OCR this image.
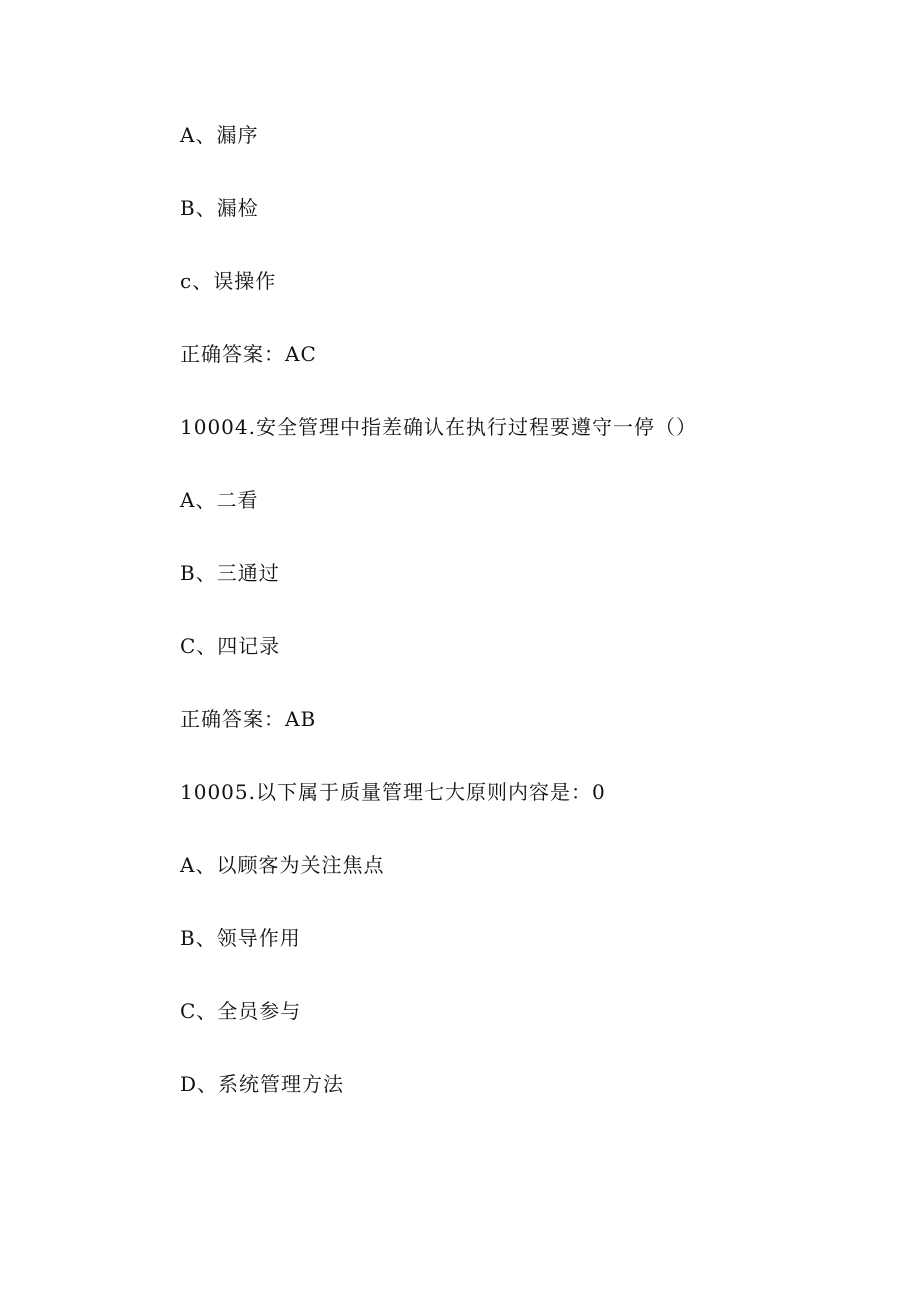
A、漏序
B、漏检
c、误操作
正确答案：AC
10004.安全管理中指差确认在执行过程要遵守一停（）
A、二看
B、三通过
C、四记录
正确答案：AB
10005.以下属于质量管理七大原则内容是：0
A、以顾客为关注焦点
B、领导作用
C、全员参与
D、系统管理方法
